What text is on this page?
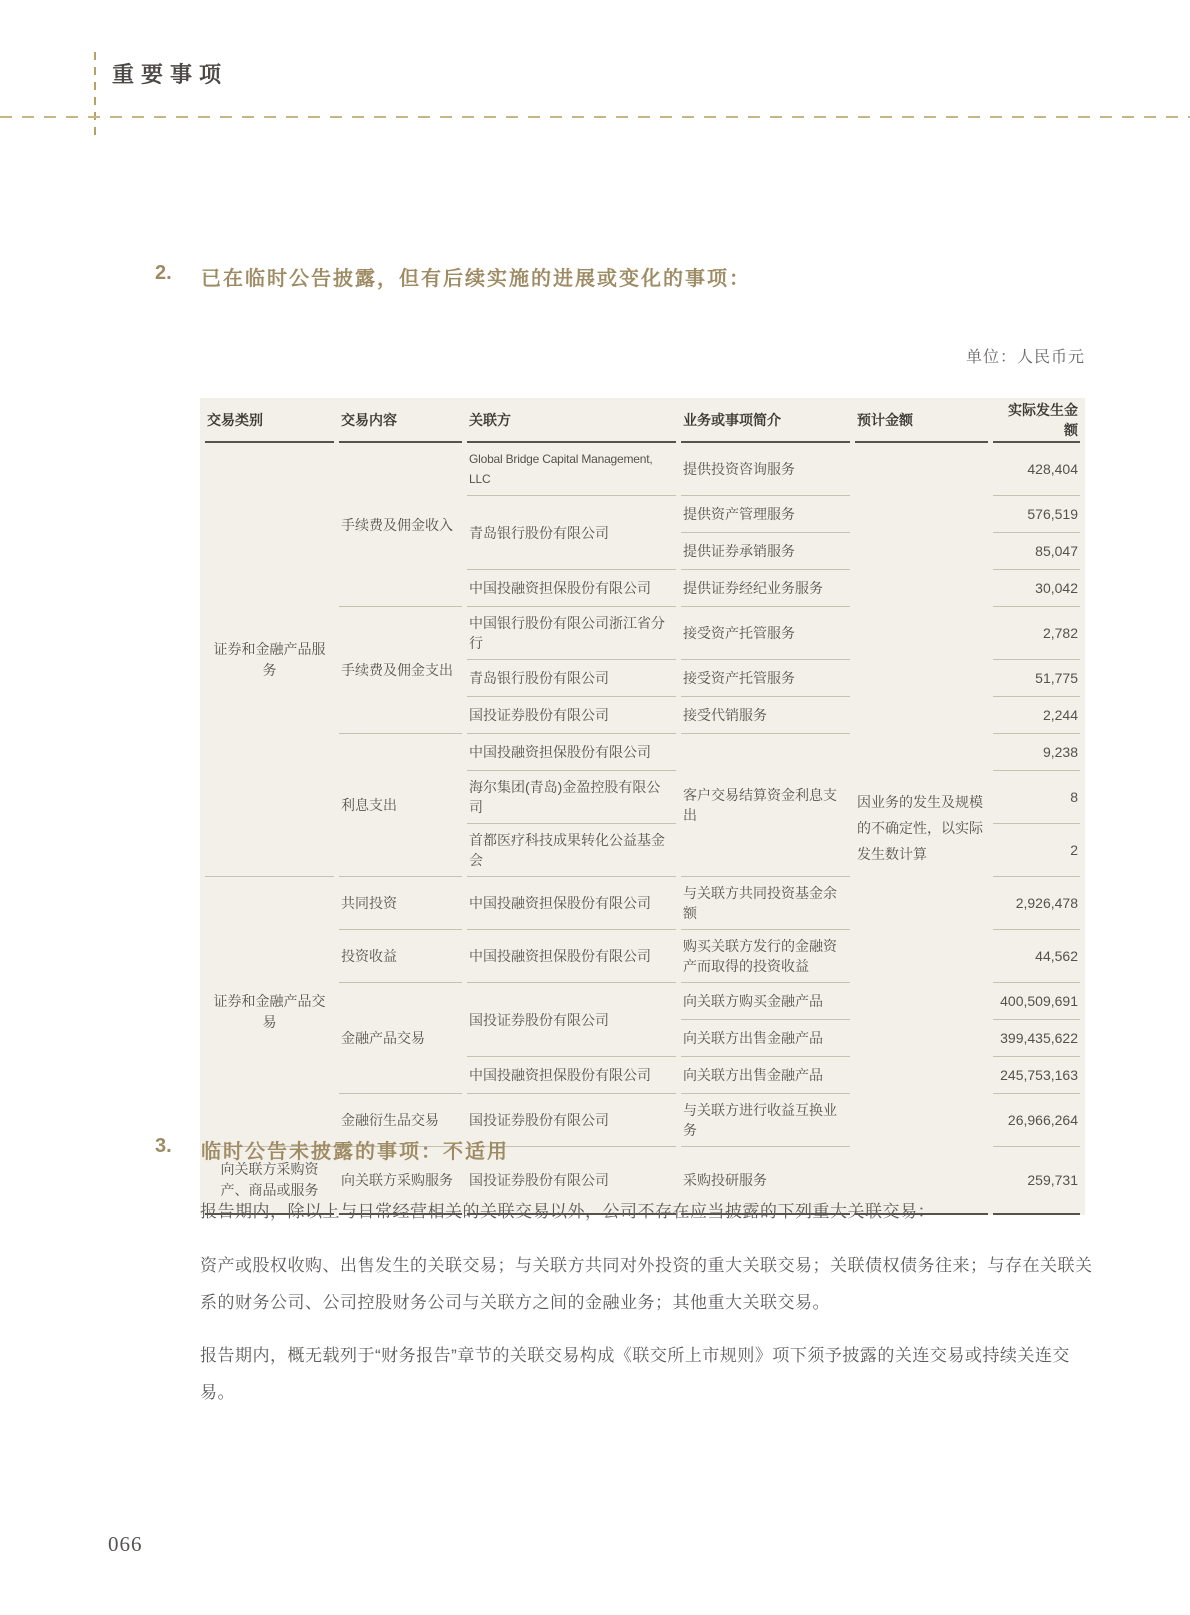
重要事项
2.	已在临时公告披露，但有后续实施的进展或变化的事项：
单位：人民币元
交易类别	交易内容	关联方	业务或事项简介	预计金额	实际发生金额
证券和金融产品服务	手续费及佣金收入	Global Bridge Capital Management, LLC	提供投资咨询服务	因业务的发生及规模的不确定性，以实际发生数计算	428,404
		青岛银行股份有限公司	提供资产管理服务		576,519
			提供证券承销服务		85,047
		中国投融资担保股份有限公司	提供证券经纪业务服务		30,042
	手续费及佣金支出	中国银行股份有限公司浙江省分行	接受资产托管服务		2,782
		青岛银行股份有限公司	接受资产托管服务		51,775
		国投证券股份有限公司	接受代销服务		2,244
	利息支出	中国投融资担保股份有限公司	客户交易结算资金利息支出		9,238
		海尔集团(青岛)金盈控股有限公司			8
		首都医疗科技成果转化公益基金会			2
证券和金融产品交易	共同投资	中国投融资担保股份有限公司	与关联方共同投资基金余额		2,926,478
	投资收益	中国投融资担保股份有限公司	购买关联方发行的金融资产而取得的投资收益		44,562
	金融产品交易	国投证券股份有限公司	向关联方购买金融产品		400,509,691
			向关联方出售金融产品		399,435,622
		中国投融资担保股份有限公司	向关联方出售金融产品		245,753,163
	金融衍生品交易	国投证券股份有限公司	与关联方进行收益互换业务		26,966,264
向关联方采购资产、商品或服务	向关联方采购服务	国投证券股份有限公司	采购投研服务		259,731
3.	临时公告未披露的事项：不适用

报告期内，除以上与日常经营相关的关联交易以外，公司不存在应当披露的下列重大关联交易：

资产或股权收购、出售发生的关联交易；与关联方共同对外投资的重大关联交易；关联债权债务往来；与存在关联关系的财务公司、公司控股财务公司与关联方之间的金融业务；其他重大关联交易。

报告期内，概无载列于“财务报告”章节的关联交易构成《联交所上市规则》项下须予披露的关连交易或持续关连交易。

066
